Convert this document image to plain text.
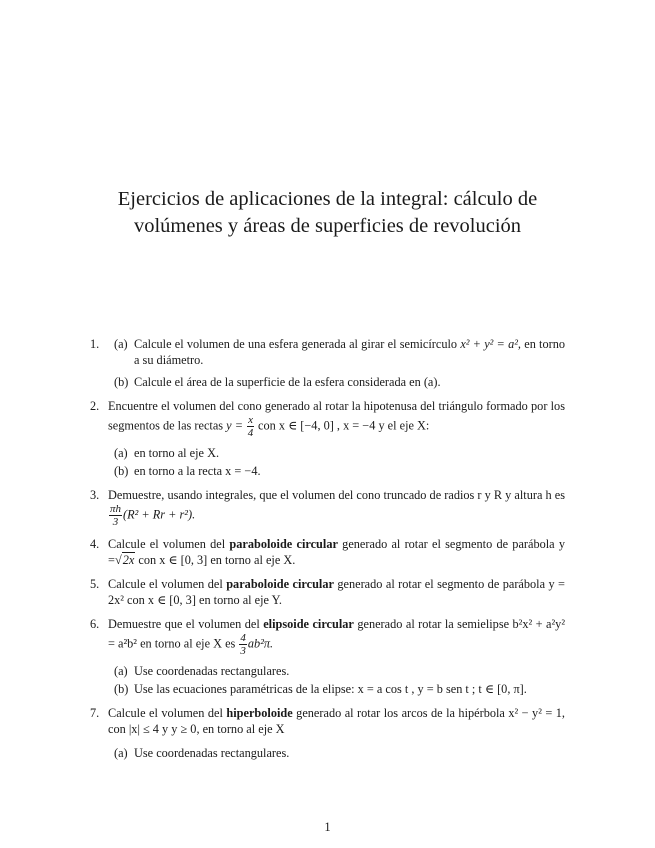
Ejercicios de aplicaciones de la integral: cálculo de
volúmenes y áreas de superficies de revolución
1. (a) Calcule el volumen de una esfera generada al girar el semicírculo x² + y² = a², en torno a su diámetro.
(b) Calcule el área de la superficie de la esfera considerada en (a).
2. Encuentre el volumen del cono generado al rotar la hipotenusa del triángulo formado por los segmentos de las rectas $y = \frac{x}{4}$ con x ∈ [−4, 0] , x = −4 y el eje X:
(a) en torno al eje X.
(b) en torno a la recta x = −4.
3. Demuestre, usando integrales, que el volumen del cono truncado de radios r y R y altura h es
$\frac{\pi h}{3} (R^2 + Rr + r^2)$.
4. Calcule el volumen del paraboloide circular generado al rotar el segmento de parábola y =√2x con x ∈ [0, 3] en torno al eje X.
5. Calcule el volumen del paraboloide circular generado al rotar el segmento de parábola y = 2x² con x ∈ [0, 3] en torno al eje Y.
6. Demuestre que el volumen del elipsoide circular generado al rotar la semielipse b²x² + a²y² = a²b² en torno al eje X es $\frac{4}{3} ab^2\pi$.
(a) Use coordenadas rectangulares.
(b) Use las ecuaciones paramétricas de la elipse: x = a cos t , y = b sen t ; t ∈ [0, π].
7. Calcule el volumen del hiperboloide generado al rotar los arcos de la hipérbola x² − y² = 1, con |x| ≤ 4 y y ≥ 0, en torno al eje X
(a) Use coordenadas rectangulares.
1
